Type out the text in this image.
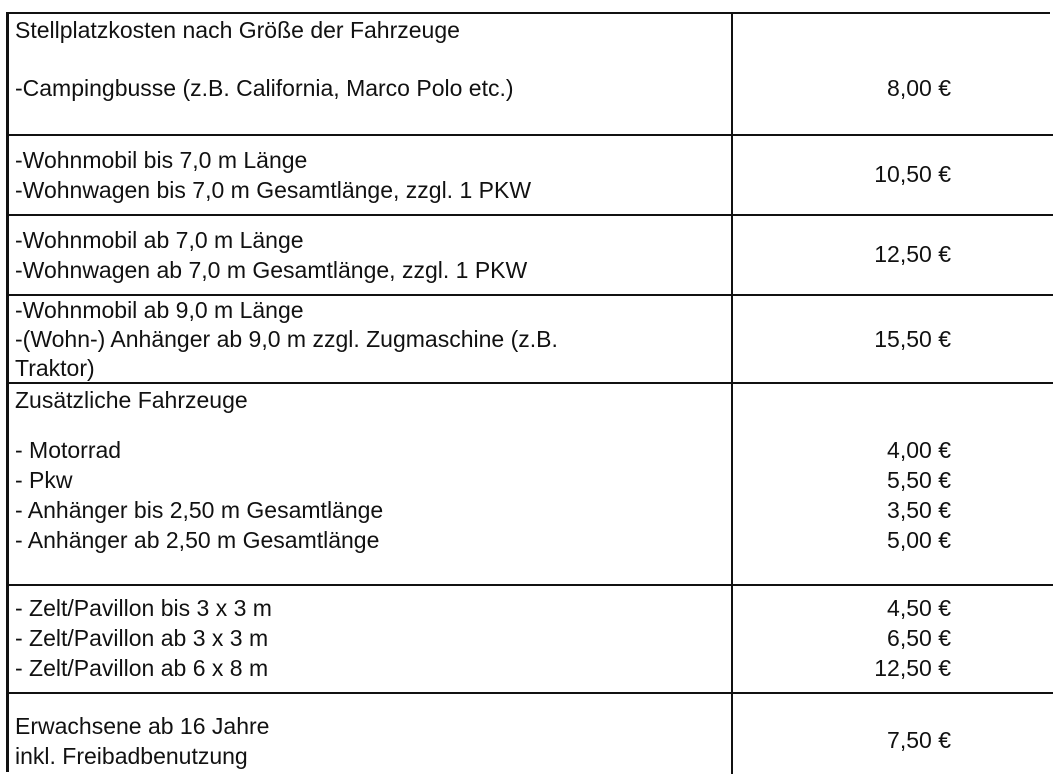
Stellplatzkosten nach Größe der Fahrzeuge
-Campingbusse (z.B. California, Marco Polo etc.)	8,00 €
-Wohnmobil bis 7,0 m Länge
-Wohnwagen bis 7,0 m Gesamtlänge, zzgl. 1 PKW
10,50 €
-Wohnmobil ab 7,0 m Länge
-Wohnwagen ab 7,0 m Gesamtlänge, zzgl. 1 PKW
12,50 €
-Wohnmobil ab 9,0 m Länge
-(Wohn-) Anhänger ab 9,0 m zzgl. Zugmaschine (z.B.
Traktor)
15,50 €
Zusätzliche Fahrzeuge
- Motorrad
- Pkw
- Anhänger bis 2,50 m Gesamtlänge
- Anhänger ab 2,50 m Gesamtlänge
4,00 €
5,50 €
3,50 €
5,00 €
- Zelt/Pavillon bis 3 x 3 m
- Zelt/Pavillon ab 3 x 3 m
- Zelt/Pavillon ab 6 x 8 m
4,50 €
6,50 €
12,50 €
Erwachsene ab 16 Jahre
inkl. Freibadbenutzung
7,50 €
